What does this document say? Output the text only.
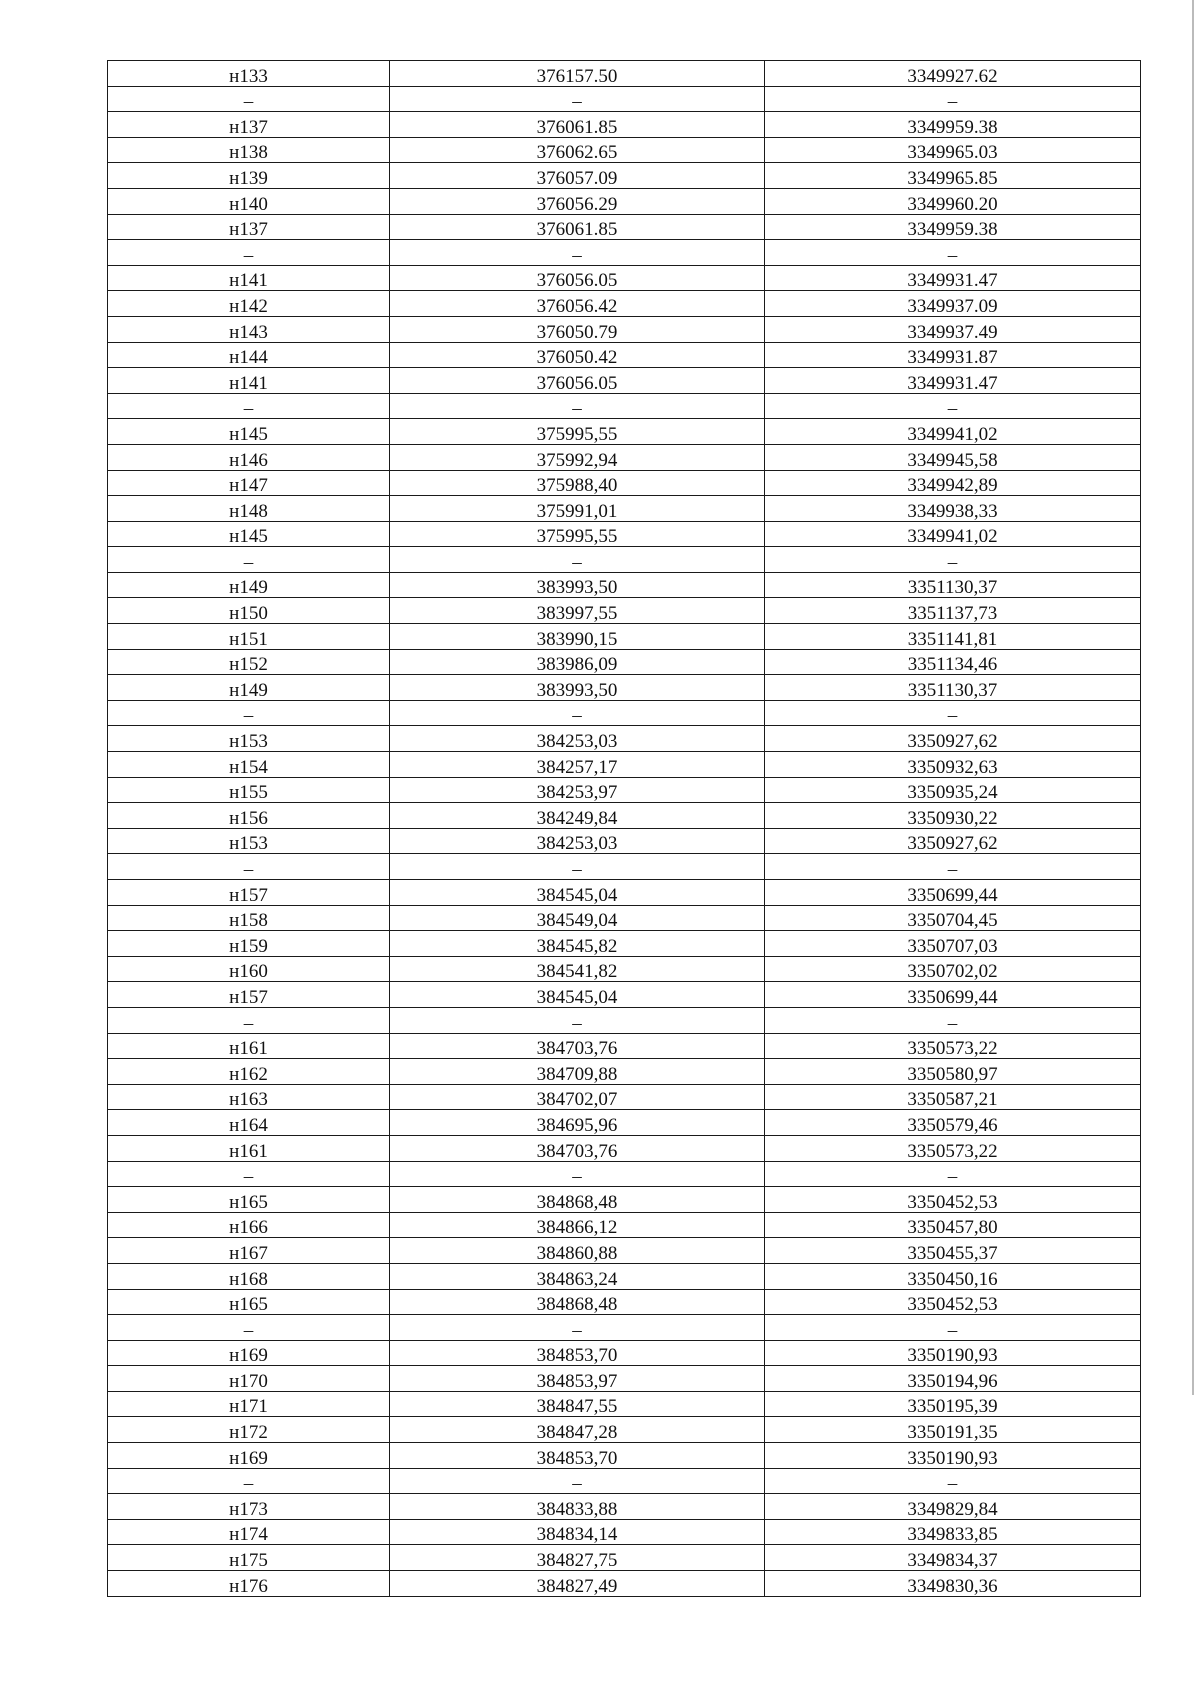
н133	376157.50	3349927.62
–	–	–
н137	376061.85	3349959.38
н138	376062.65	3349965.03
н139	376057.09	3349965.85
н140	376056.29	3349960.20
н137	376061.85	3349959.38
–	–	–
н141	376056.05	3349931.47
н142	376056.42	3349937.09
н143	376050.79	3349937.49
н144	376050.42	3349931.87
н141	376056.05	3349931.47
–	–	–
н145	375995,55	3349941,02
н146	375992,94	3349945,58
н147	375988,40	3349942,89
н148	375991,01	3349938,33
н145	375995,55	3349941,02
–	–	–
н149	383993,50	3351130,37
н150	383997,55	3351137,73
н151	383990,15	3351141,81
н152	383986,09	3351134,46
н149	383993,50	3351130,37
–	–	–
н153	384253,03	3350927,62
н154	384257,17	3350932,63
н155	384253,97	3350935,24
н156	384249,84	3350930,22
н153	384253,03	3350927,62
–	–	–
н157	384545,04	3350699,44
н158	384549,04	3350704,45
н159	384545,82	3350707,03
н160	384541,82	3350702,02
н157	384545,04	3350699,44
–	–	–
н161	384703,76	3350573,22
н162	384709,88	3350580,97
н163	384702,07	3350587,21
н164	384695,96	3350579,46
н161	384703,76	3350573,22
–	–	–
н165	384868,48	3350452,53
н166	384866,12	3350457,80
н167	384860,88	3350455,37
н168	384863,24	3350450,16
н165	384868,48	3350452,53
–	–	–
н169	384853,70	3350190,93
н170	384853,97	3350194,96
н171	384847,55	3350195,39
н172	384847,28	3350191,35
н169	384853,70	3350190,93
–	–	–
н173	384833,88	3349829,84
н174	384834,14	3349833,85
н175	384827,75	3349834,37
н176	384827,49	3349830,36
